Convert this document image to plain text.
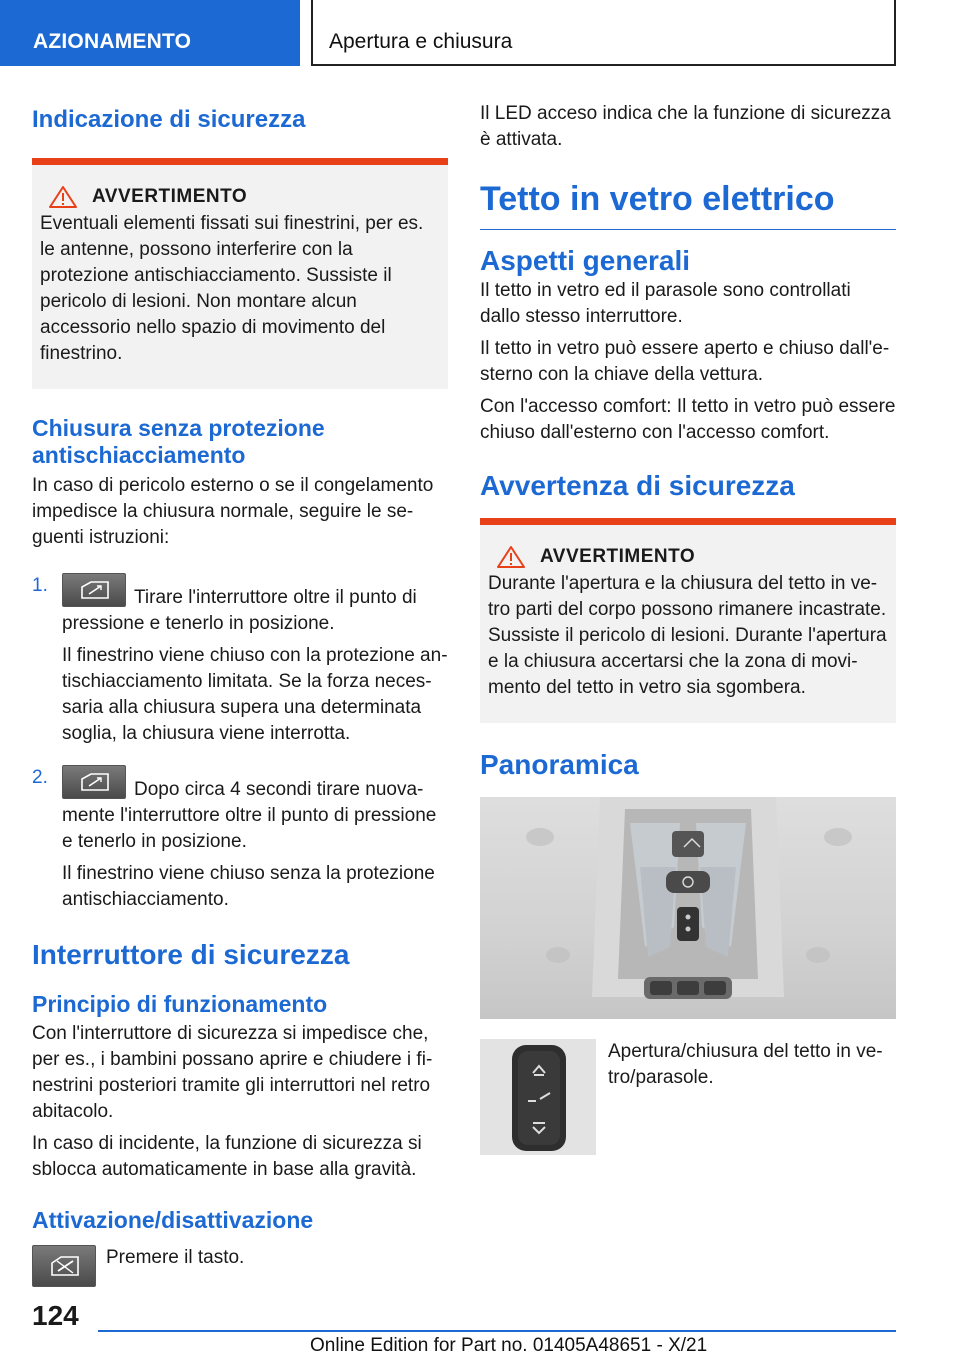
AZIONAMENTO	Apertura e chiusura
Indicazione di sicurezza
AVVERTIMENTO

Eventuali elementi fissati sui finestrini, per es. le antenne, possono interferire con la protezione antischiacciamento. Sussiste il pericolo di lesioni. Non montare alcun accessorio nello spazio di movimento del finestrino.

Chiusura senza protezione antischiacciamento

In caso di pericolo esterno o se il congelamento impedisce la chiusura normale, seguire le seguenti istruzioni:

1.

Tirare l'interruttore oltre il punto di pressione e tenerlo in posizione.

Il finestrino viene chiuso con la protezione antischiacciamento limitata. Se la forza necessaria alla chiusura supera una determinata soglia, la chiusura viene interrotta.

2.

Dopo circa 4 secondi tirare nuovamente l'interruttore oltre il punto di pressione e tenerlo in posizione.

Il finestrino viene chiuso senza la protezione antischiacciamento.

Interruttore di sicurezza
Principio di funzionamento

Con l'interruttore di sicurezza si impedisce che, per es., i bambini possano aprire e chiudere i finestrini posteriori tramite gli interruttori nel retro abitacolo.

In caso di incidente, la funzione di sicurezza si sblocca automaticamente in base alla gravità.

Attivazione/disattivazione

Premere il tasto.

Il LED acceso indica che la funzione di sicurezza è attivata.

Tetto in vetro elettrico
Aspetti generali

Il tetto in vetro ed il parasole sono controllati dallo stesso interruttore.

Il tetto in vetro può essere aperto e chiuso dall'esterno con la chiave della vettura.

Con l'accesso comfort: Il tetto in vetro può essere chiuso dall'esterno con l'accesso comfort.

Avvertenza di sicurezza
AVVERTIMENTO

Durante l'apertura e la chiusura del tetto in vetro parti del corpo possono rimanere incastrate. Sussiste il pericolo di lesioni. Durante l'apertura e la chiusura accertarsi che la zona di movimento del tetto in vetro sia sgombera.

Panoramica

Apertura/chiusura del tetto in vetro/parasole.

124
Online Edition for Part no. 01405A48651 - X/21
